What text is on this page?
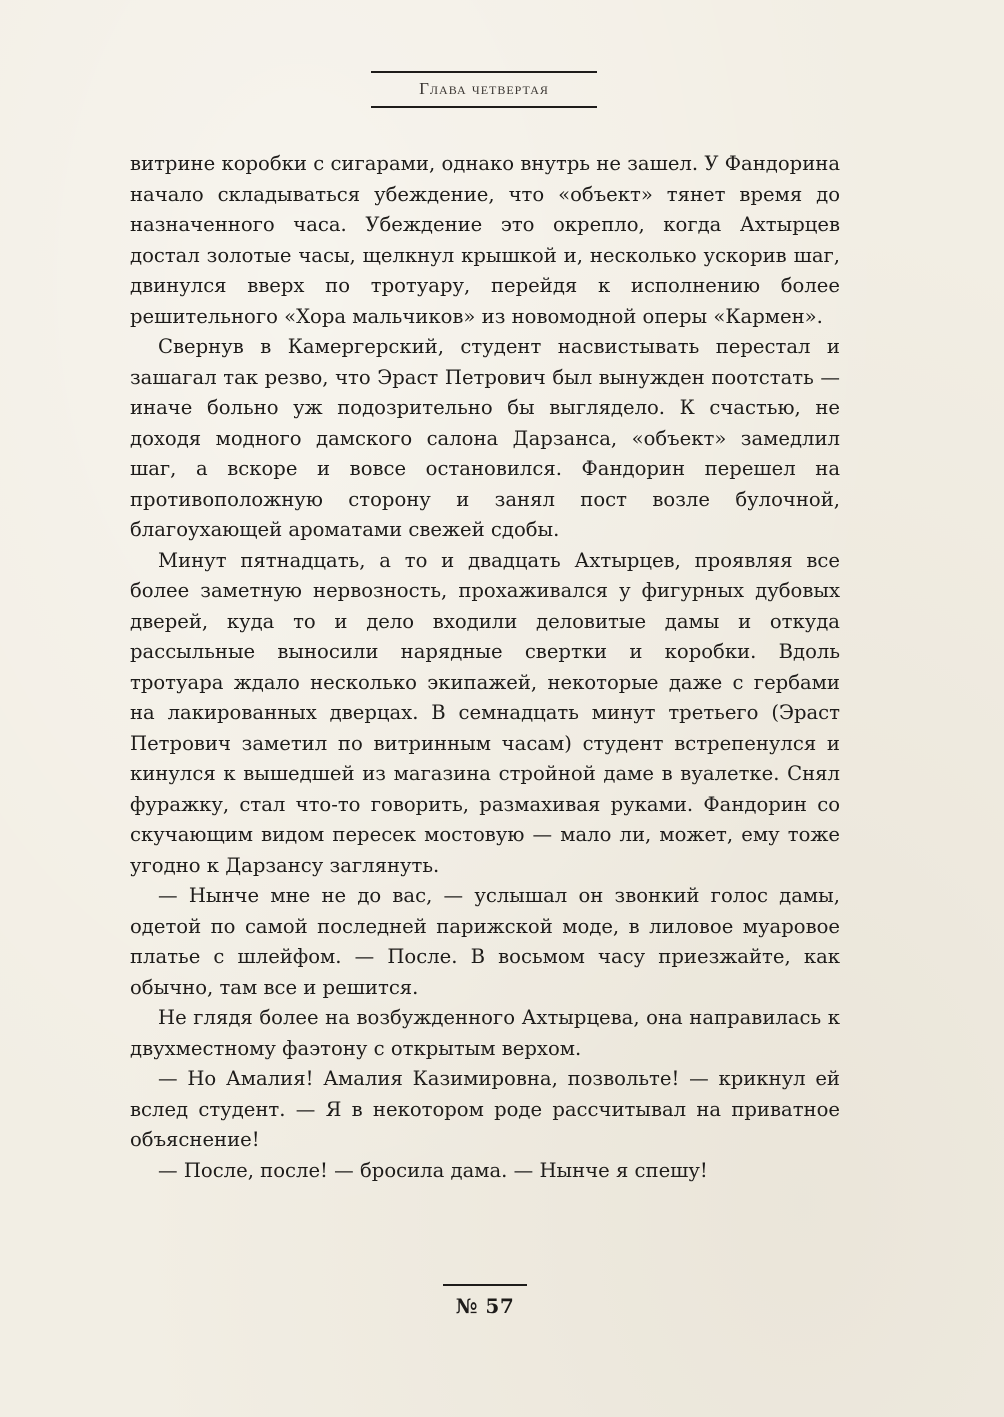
Глава четвертая

витрине коробки с сигарами, однако внутрь не зашел. У Фандорина начало складываться убеждение, что «объект» тянет время до назначенного часа. Убеждение это окрепло, когда Ахтырцев достал золотые часы, щелкнул крышкой и, несколько ускорив шаг, двинулся вверх по тротуару, перейдя к исполнению более решительного «Хора мальчиков» из новомодной оперы «Кармен».

Свернув в Камергерский, студент насвистывать перестал и зашагал так резво, что Эраст Петрович был вынужден поотстать — иначе больно уж подозрительно бы выглядело. К счастью, не доходя модного дамского салона Дарзанса, «объект» замедлил шаг, а вскоре и вовсе остановился. Фандорин перешел на противоположную сторону и занял пост возле булочной, благоухающей ароматами свежей сдобы.

Минут пятнадцать, а то и двадцать Ахтырцев, проявляя все более заметную нервозность, прохаживался у фигурных дубовых дверей, куда то и дело входили деловитые дамы и откуда рассыльные выносили нарядные свертки и коробки. Вдоль тротуара ждало несколько экипажей, некоторые даже с гербами на лакированных дверцах. В семнадцать минут третьего (Эраст Петрович заметил по витринным часам) студент встрепенулся и кинулся к вышедшей из магазина стройной даме в вуалетке. Снял фуражку, стал что-то говорить, размахивая руками. Фандорин со скучающим видом пересек мостовую — мало ли, может, ему тоже угодно к Дарзансу заглянуть.

— Нынче мне не до вас, — услышал он звонкий голос дамы, одетой по самой последней парижской моде, в лиловое муаровое платье с шлейфом. — После. В восьмом часу приезжайте, как обычно, там все и решится.

Не глядя более на возбужденного Ахтырцева, она направилась к двухместному фаэтону с открытым верхом.

— Но Амалия! Амалия Казимировна, позвольте! — крикнул ей вслед студент. — Я в некотором роде рассчитывал на приватное объяснение!

— После, после! — бросила дама. — Нынче я спешу!

№ 57
